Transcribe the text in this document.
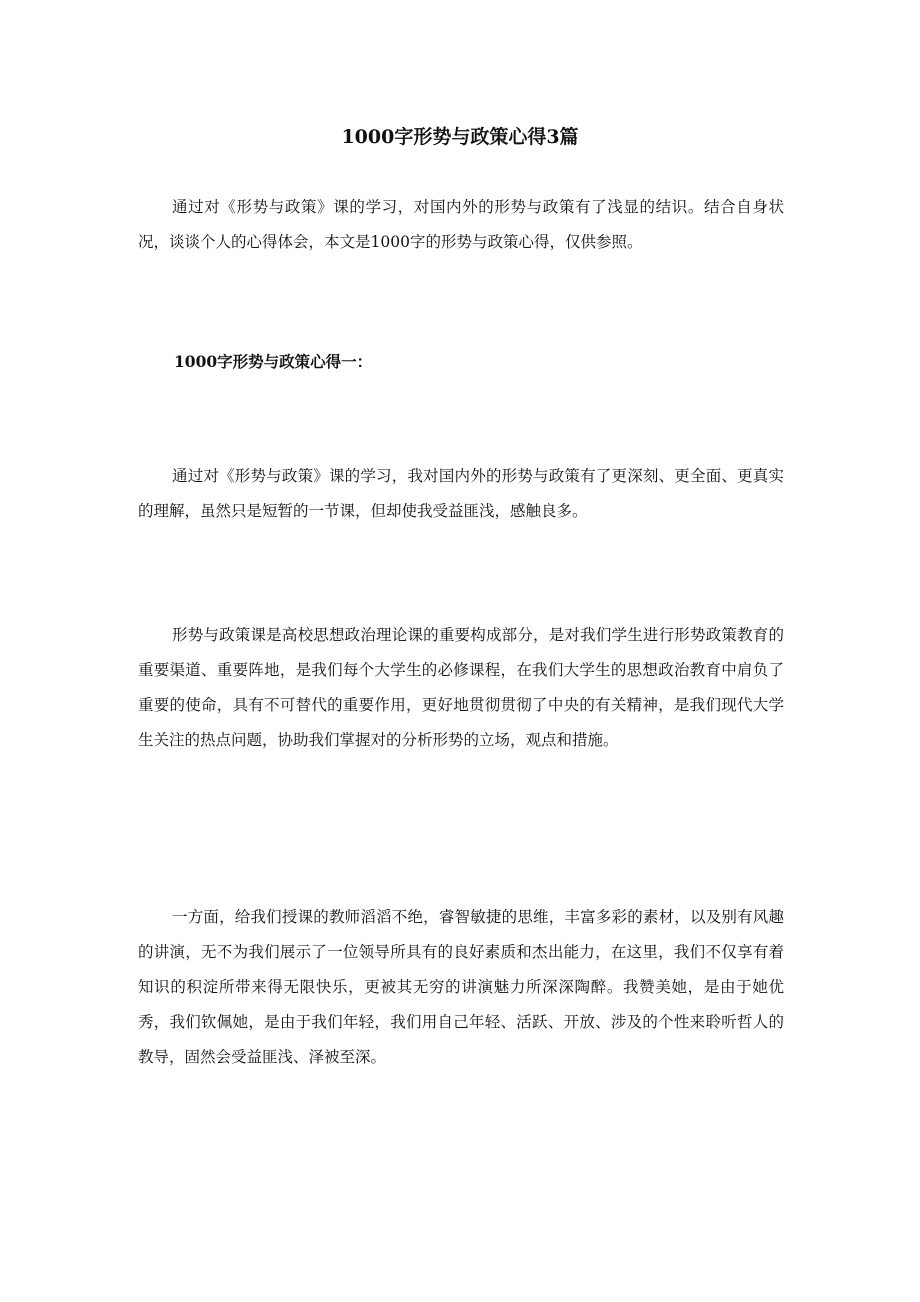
1000字形势与政策心得3篇

通过对《形势与政策》课的学习，对国内外的形势与政策有了浅显的结识。结合自身状况，谈谈个人的心得体会，本文是1000字的形势与政策心得，仅供参照。

1000字形势与政策心得一：

通过对《形势与政策》课的学习，我对国内外的形势与政策有了更深刻、更全面、更真实的理解，虽然只是短暂的一节课，但却使我受益匪浅，感触良多。

形势与政策课是高校思想政治理论课的重要构成部分，是对我们学生进行形势政策教育的重要渠道、重要阵地，是我们每个大学生的必修课程，在我们大学生的思想政治教育中肩负了重要的使命，具有不可替代的重要作用，更好地贯彻贯彻了中央的有关精神，是我们现代大学生关注的热点问题，协助我们掌握对的分析形势的立场，观点和措施。

一方面，给我们授课的教师滔滔不绝，睿智敏捷的思维，丰富多彩的素材，以及别有风趣的讲演，无不为我们展示了一位领导所具有的良好素质和杰出能力，在这里，我们不仅享有着知识的积淀所带来得无限快乐，更被其无穷的讲演魅力所深深陶醉。我赞美她，是由于她优秀，我们钦佩她，是由于我们年轻，我们用自己年轻、活跃、开放、涉及的个性来聆听哲人的教导，固然会受益匪浅、泽被至深。
